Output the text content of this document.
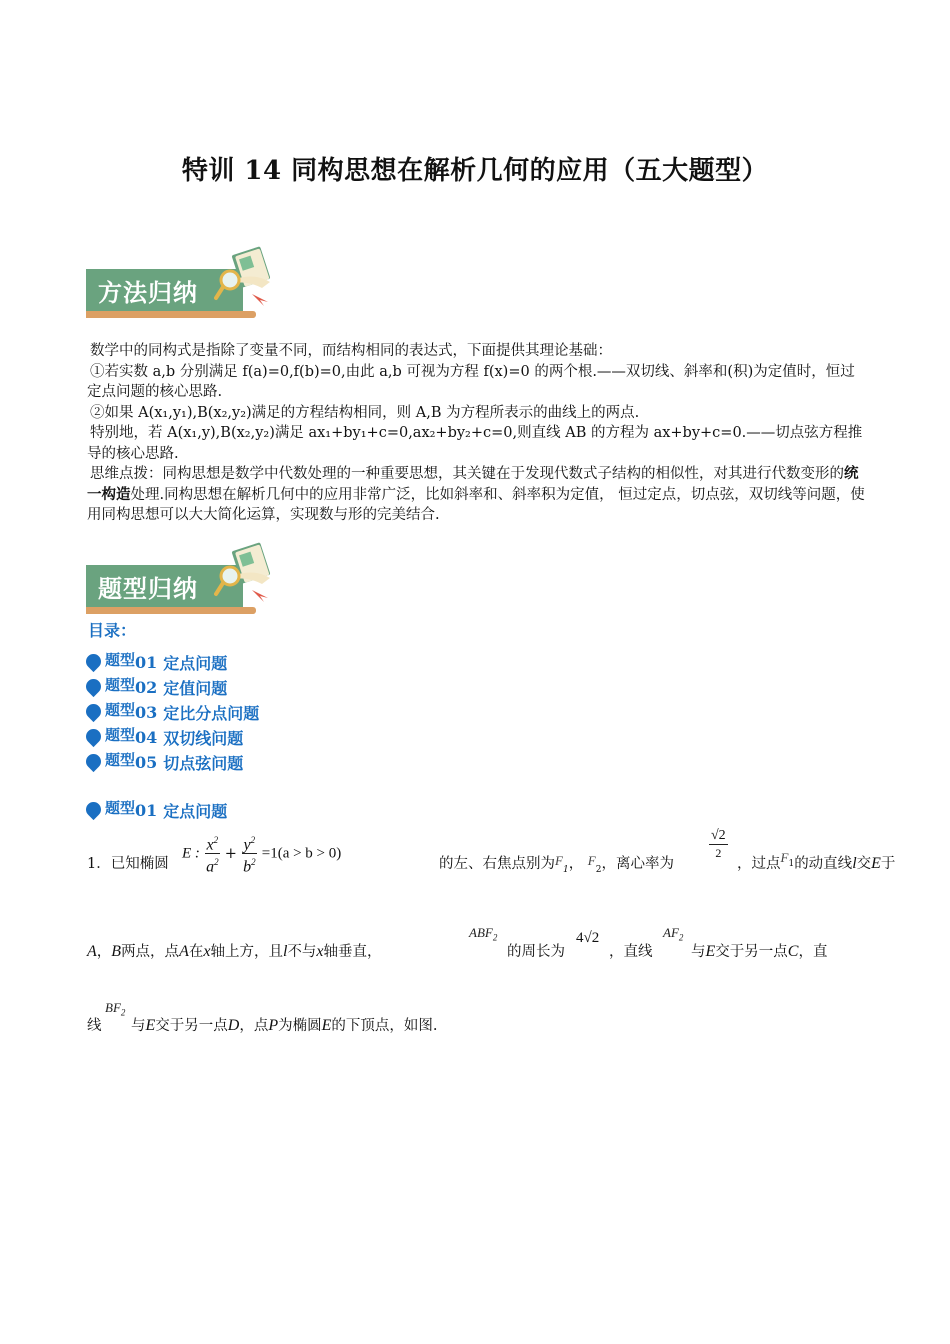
特训 14 同构思想在解析几何的应用（五大题型）
方法归纳

数学中的同构式是指除了变量不同，而结构相同的表达式，下面提供其理论基础：

①若实数 a,b 分别满足 f(a)=0,f(b)=0,由此 a,b 可视为方程 f(x)=0 的两个根.——双切线、斜率和(积)为定值时，恒过定点问题的核心思路.

②如果 A(x₁,y₁),B(x₂,y₂)满足的方程结构相同，则 A,B 为方程所表示的曲线上的两点.

特别地，若 A(x₁,y),B(x₂,y₂)满足 ax₁+by₁+c=0,ax₂+by₂+c=0,则直线 AB 的方程为 ax+by+c=0.——切点弦方程推导的核心思路.

思维点拨：同构思想是数学中代数处理的一种重要思想，其关键在于发现代数式子结构的相似性，对其进行代数变形的统一构造处理.同构思想在解析几何中的应用非常广泛，比如斜率和、斜率积为定值， 恒过定点，切点弦，双切线等问题，使用同构思想可以大大简化运算，实现数与形的完美结合.

题型归纳
目录：
题型 01 定点问题
题型 02 定值问题
题型 03 定比分点问题
题型 04 双切线问题
题型 05 切点弦问题
题型 01 定点问题
1．已知椭圆
E : $\frac{x^2}{a^2} + \frac{y^2}{b^2} =1(a > b > 0)$
的左、右焦点别为$F_1$， $F_2$，离心率为
$\frac{√2}{2}$
，过点$F_1$的动直线l交E于
A，B两点，点A在x轴上方，且l不与x轴垂直，
$ABF_2$
的周长为
4√2
，直线
$AF_2$
与E交于另一点C，直
线
$BF_2$
与E交于另一点D，点P为椭圆E的下顶点，如图.
